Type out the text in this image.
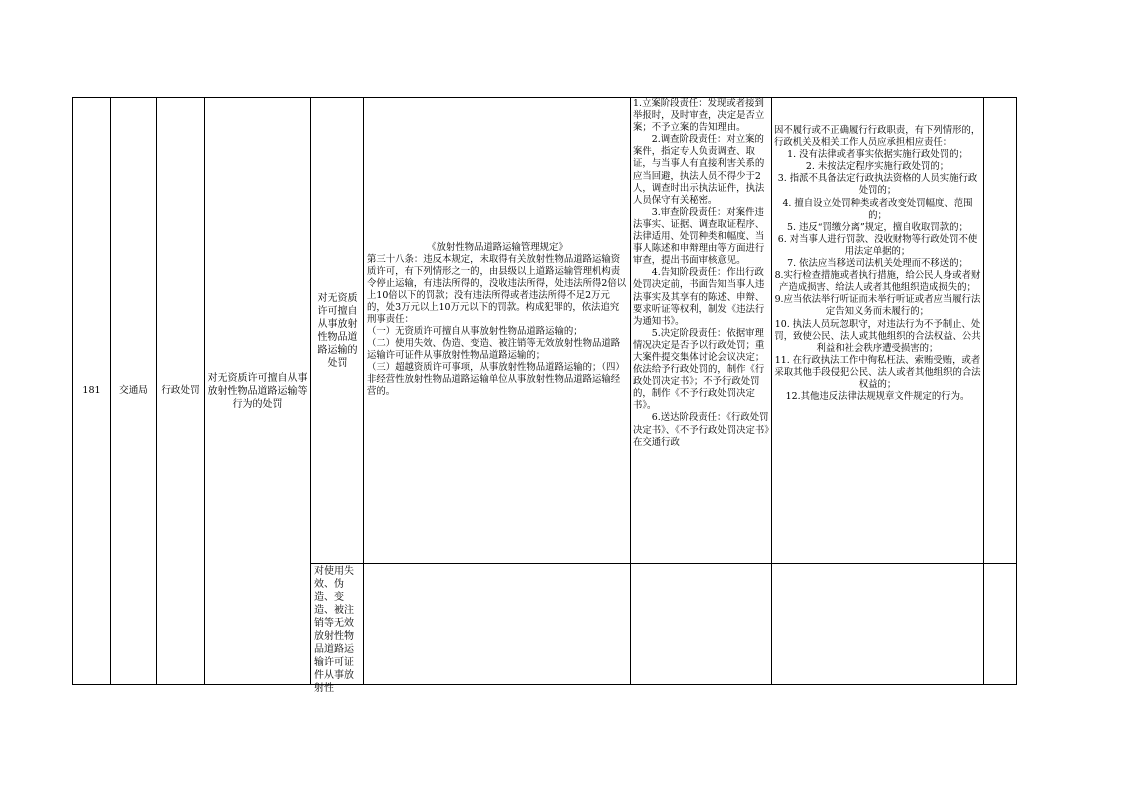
181 交通局 行政处罚
对无资质许可擅自从事放射性物品道路运输等行为的处罚
对无资质许可擅自从事放射性物品道路运输的处罚
对使用失效、伪造、变造、被注销等无效放射性物品道路运输许可证件从事放射性
《放射性物品道路运输管理规定》
第三十八条：违反本规定，未取得有关放射性物品道路运输资质许可，有下列情形之一的，由县级以上道路运输管理机构责令停止运输，有违法所得的，没收违法所得，处违法所得2倍以上10倍以下的罚款；没有违法所得或者违法所得不足2万元的，处3万元以上10万元以下的罚款。构成犯罪的，依法追究刑事责任：
（一）无资质许可擅自从事放射性物品道路运输的；
（二）使用失效、伪造、变造、被注销等无效放射性物品道路运输许可证件从事放射性物品道路运输的；
（三）超越资质许可事项，从事放射性物品道路运输的；（四）非经营性放射性物品道路运输单位从事放射性物品道路运输经营的。
1.立案阶段责任：发现或者接到举报时，及时审查，决定是否立案；不予立案的告知理由。
2.调查阶段责任：对立案的案件，指定专人负责调查、取证，与当事人有直接利害关系的应当回避，执法人员不得少于2人，调查时出示执法证件，执法人员保守有关秘密。
3.审查阶段责任：对案件违法事实、证据、调查取证程序、法律适用、处罚种类和幅度、当事人陈述和申辩理由等方面进行审查，提出书面审核意见。
4.告知阶段责任：作出行政处罚决定前，书面告知当事人违法事实及其享有的陈述、申辩、要求听证等权利，制发《违法行为通知书》。
5.决定阶段责任：依据审理情况决定是否予以行政处罚；重大案件提交集体讨论会议决定；依法给予行政处罚的，制作《行政处罚决定书》；不予行政处罚的，制作《不予行政处罚决定书》。
6.送达阶段责任：《行政处罚决定书》、《不予行政处罚决定书》在交通行政
因不履行或不正确履行行政职责，有下列情形的，行政机关及相关工作人员应承担相应责任：
1. 没有法律或者事实依据实施行政处罚的；
2. 未按法定程序实施行政处罚的；
3. 指派不具备法定行政执法资格的人员实施行政处罚的；
4. 擅自设立处罚种类或者改变处罚幅度、范围的；
5. 违反“罚缴分离”规定，擅自收取罚款的；
6. 对当事人进行罚款、没收财物等行政处罚不使用法定单据的；
7. 依法应当移送司法机关处理而不移送的；
8.实行检查措施或者执行措施，给公民人身或者财产造成损害、给法人或者其他组织造成损失的；
9.应当依法举行听证而未举行听证或者应当履行法定告知义务而未履行的；
10. 执法人员玩忽职守，对违法行为不予制止、处罚，致使公民、法人或其他组织的合法权益、公共利益和社会秩序遭受损害的；
11. 在行政执法工作中徇私枉法、索贿受贿，或者采取其他手段侵犯公民、法人或者其他组织的合法权益的；
12.其他违反法律法规规章文件规定的行为。
